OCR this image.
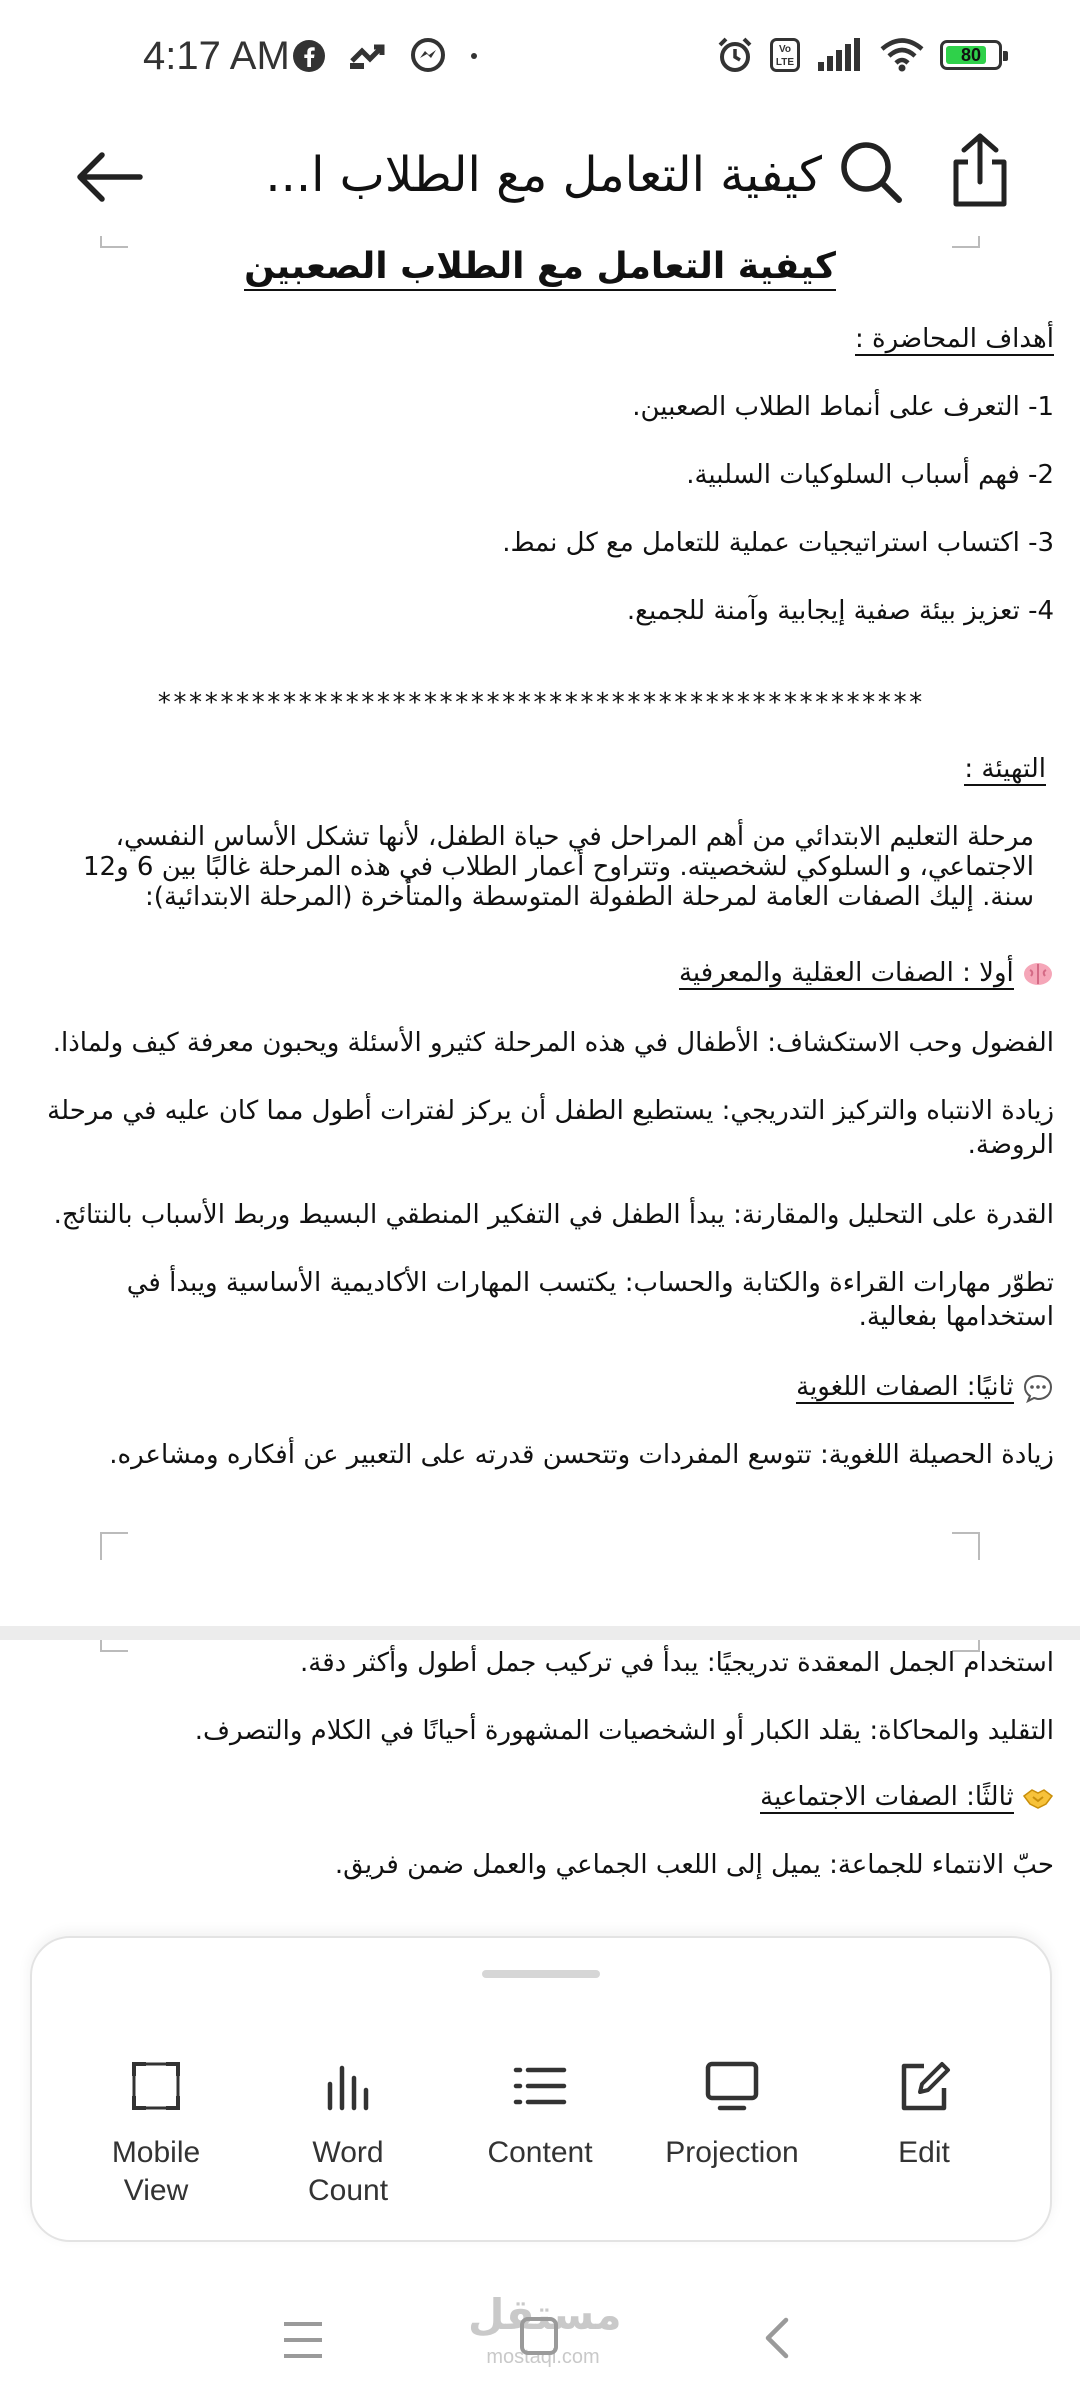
4:17 AM	Vo
LTE	80
كيفية التعامل مع الطلاب ا...
كيفية التعامل مع الطلاب الصعبين
أهداف المحاضرة :
1- التعرف على أنماط الطلاب الصعبين.
2- فهم أسباب السلوكيات السلبية.
3- اكتساب استراتيجيات عملية للتعامل مع كل نمط.
4- تعزيز بيئة صفية إيجابية وآمنة للجميع.
*************************************************
التهيئة :
مرحلة التعليم الابتدائي من أهم المراحل في حياة الطفل، لأنها تشكل الأساس النفسي، الاجتماعي، و السلوكي لشخصيته. وتتراوح أعمار الطلاب في هذه المرحلة غالبًا بين 6 و12 سنة. إليك الصفات العامة لمرحلة الطفولة المتوسطة والمتأخرة (المرحلة الابتدائية):
أولا : الصفات العقلية والمعرفية
الفضول وحب الاستكشاف: الأطفال في هذه المرحلة كثيرو الأسئلة ويحبون معرفة كيف ولماذا.
زيادة الانتباه والتركيز التدريجي: يستطيع الطفل أن يركز لفترات أطول مما كان عليه في مرحلة الروضة.
القدرة على التحليل والمقارنة: يبدأ الطفل في التفكير المنطقي البسيط وربط الأسباب بالنتائج.
تطوّر مهارات القراءة والكتابة والحساب: يكتسب المهارات الأكاديمية الأساسية ويبدأ في استخدامها بفعالية.
ثانيًا: الصفات اللغوية
زيادة الحصيلة اللغوية: تتوسع المفردات وتتحسن قدرته على التعبير عن أفكاره ومشاعره.
استخدام الجمل المعقدة تدريجيًا: يبدأ في تركيب جمل أطول وأكثر دقة.
التقليد والمحاكاة: يقلد الكبار أو الشخصيات المشهورة أحيانًا في الكلام والتصرف.
ثالثًا: الصفات الاجتماعية
حبّ الانتماء للجماعة: يميل إلى اللعب الجماعي والعمل ضمن فريق.
Mobile
View
Word
Count
Content	Projection	Edit
مستقل
mostaql.com
